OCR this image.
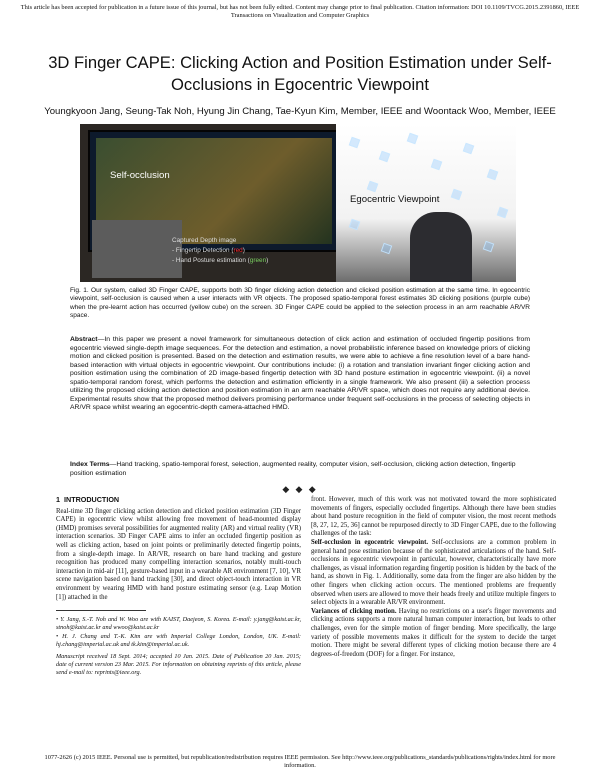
This article has been accepted for publication in a future issue of this journal, but has not been fully edited. Content may change prior to final publication. Citation information: DOI 10.1109/TVCG.2015.2391860, IEEE Transactions on Visualization and Computer Graphics
3D Finger CAPE: Clicking Action and Position Estimation under Self-Occlusions in Egocentric Viewpoint
Youngkyoon Jang, Seung-Tak Noh, Hyung Jin Chang, Tae-Kyun Kim, Member, IEEE and Woontack Woo, Member, IEEE
Self-occlusion
Egocentric Viewpoint
Captured Depth image
- Fingertip Detection (red)
- Hand Posture estimation (green)
Fig. 1. Our system, called 3D Finger CAPE, supports both 3D finger clicking action detection and clicked position estimation at the same time. In egocentric viewpoint, self-occlusion is caused when a user interacts with VR objects. The proposed spatio-temporal forest estimates 3D clicking positions (purple cube) when the pre-learnt action has occurred (yellow cube) on the screen. 3D Finger CAPE could be applied to the selection process in an arm reachable AR/VR space.
Abstract—In this paper we present a novel framework for simultaneous detection of click action and estimation of occluded fingertip positions from egocentric viewed single-depth image sequences. For the detection and estimation, a novel probabilistic inference based on knowledge priors of clicking motion and clicked position is presented. Based on the detection and estimation results, we were able to achieve a fine resolution level of a bare hand-based interaction with virtual objects in egocentric viewpoint. Our contributions include: (i) a rotation and translation invariant finger clicking action and position estimation using the combination of 2D image-based fingertip detection with 3D hand posture estimation in egocentric viewpoint. (ii) a novel spatio-temporal random forest, which performs the detection and estimation efficiently in a single framework. We also present (iii) a selection process utilizing the proposed clicking action detection and position estimation in an arm reachable AR/VR space, which does not require any additional device. Experimental results show that the proposed method delivers promising performance under frequent self-occlusions in the process of selecting objects in AR/VR space whilst wearing an egocentric-depth camera-attached HMD.
Index Terms—Hand tracking, spatio-temporal forest, selection, augmented reality, computer vision, self-occlusion, clicking action detection, fingertip position estimation
◆ ◆ ◆

1 INTRODUCTION

Real-time 3D finger clicking action detection and clicked position estimation (3D Finger CAPE) in egocentric view whilst allowing free movement of head-mounted display (HMD) promises several possibilities for augmented reality (AR) and virtual reality (VR) interaction scenarios. 3D Finger CAPE aims to infer an occluded fingertip position as well as clicking action, based on joint points or preliminarily detected fingertip points, from a single-depth image. In AR/VR, research on bare hand tracking and gesture recognition has produced many compelling interaction scenarios, notably multi-touch interaction in mid-air [11], gesture-based input in a wearable AR environment [7, 10], VR scene navigation based on hand tracking [30], and direct object-touch interaction in VR environment by wearing HMD with hand posture estimating sensor (e.g. Leap Motion [1]) attached in the

• Y. Jang, S.-T. Noh and W. Woo are with KAIST, Daejeon, S. Korea. E-mail: y.jang@kaist.ac.kr, stnoh@kaist.ac.kr and wwoo@kaist.ac.kr

• H. J. Chang and T.-K. Kim are with Imperial College London, London, UK. E-mail: hj.chang@imperial.ac.uk and tk.kim@imperial.ac.uk.

Manuscript received 18 Sept. 2014; accepted 10 Jan. 2015. Date of Publication 20 Jan. 2015; date of current version 23 Mar. 2015. For information on obtaining reprints of this article, please send e-mail to: reprints@ieee.org.

front. However, much of this work was not motivated toward the more sophisticated movements of fingers, especially occluded fingertips. Although there have been studies about hand posture recognition in the field of computer vision, the most recent methods [8, 27, 12, 25, 36] cannot be repurposed directly to 3D Finger CAPE, due to the following challenges of the task:

Self-occlusion in egocentric viewpoint. Self-occlusions are a common problem in general hand pose estimation because of the sophisticated articulations of the hand. Self-occlusions in egocentric viewpoint in particular, however, characteristically have more challenges, as visual information regarding fingertip position is hidden by the back of the hand, as shown in Fig. 1. Additionally, some data from the finger are also hidden by the other fingers when clicking action occurs. The mentioned problems are frequently observed when users are allowed to move their heads freely and utilize multiple fingers to select objects in a wearable AR/VR environment.

Variances of clicking motion. Having no restrictions on a user's finger movements and clicking actions supports a more natural human computer interaction, but leads to other challenges, even for the simple motion of finger bending. More specifically, the large variety of possible movements makes it difficult for the system to decide the target motion. There might be several different types of clicking motion because there are 4 degrees-of-freedom (DOF) for a finger. For instance,

1077-2626 (c) 2015 IEEE. Personal use is permitted, but republication/redistribution requires IEEE permission. See http://www.ieee.org/publications_standards/publications/rights/index.html for more information.
